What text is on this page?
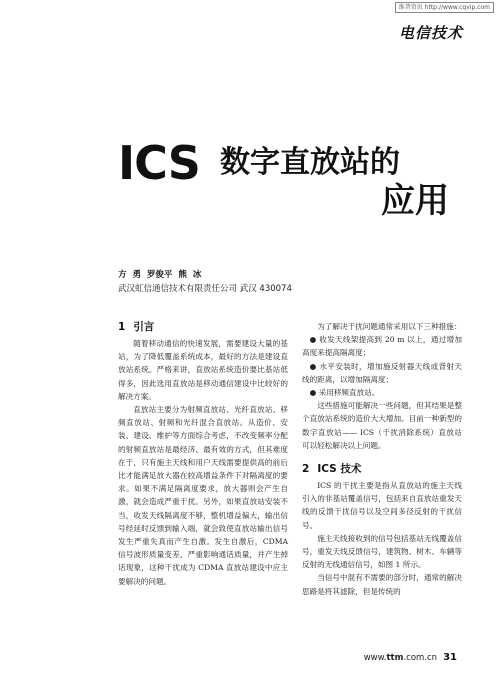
维普资讯 http://www.cqvip.com
电信技术
ICS 数字直放站的
应用
方 勇 罗俊平 熊 冰
武汉虹信通信技术有限责任公司 武汉 430074
1 引言

随着移动通信的快速发展，需要建设大量的基站，为了降低覆盖系统成本，最好的方法是建设直放站系统。严格来讲，直放站系统造价要比基站低得多，因此选用直放站是移动通信建设中比较好的解决方案。

直放站主要分为射频直放站、光纤直放站、移频直放站、射频和光纤混合直放站。从造价、安装、建设、维护等方面综合考虑，不改变频率分配的射频直放站是最经济、最有效的方式，但其难度在于，只有施主天线和用户天线需要提供高的前后比才能满足放大器在较高增益条件下对隔离度的要求。如果不满足隔离度要求，放大器则会产生自激，就会造成严重干扰。另外，如果直放站安装不当，收发天线隔离度不够，整机增益偏大，输出信号经延时反馈到输入端，就会致使直放站输出信号发生严重失真而产生自激。发生自激后，CDMA 信号波形质量变差，严重影响通话质量，并产生掉话现象，这种干扰成为 CDMA 直放站建设中应主要解决的问题。

为了解决干扰问题通常采用以下三种措施：

● 收发天线架提高到 20 m 以上，通过增加高度来提高隔离度；

● 水平安装时，增加施反射器天线或背射天线的距离，以增加隔离度；

● 采用移频直放站。

这些措施可能解决一些问题，但其结果是整个直放站系统的造价大大增加。目前一种新型的数字直放站—— ICS（干扰消除系统）直放站可以轻松解决以上问题。

2 ICS 技术

ICS 的干扰主要是指从直放站的施主天线引入的非基站覆盖信号，包括来自直放站重发天线的反馈干扰信号以及空间多径反射的干扰信号。

施主天线接收到的信号包括基站无线覆盖信号，重发天线反馈信号，建筑物、树木、车辆等反射的无线通信信号，如图 1 所示。

当信号中混有不需要的部分时，通常的解决思路是将其滤除，但是传统的

www.ttm.com.cn 31
